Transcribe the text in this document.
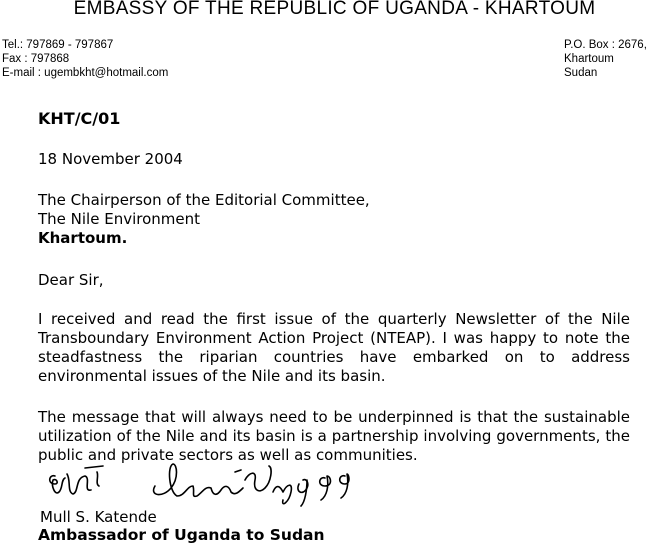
EMBASSY OF THE REPUBLIC OF UGANDA - KHARTOUM
Tel.: 797869 - 797867
Fax : 797868
E-mail : ugembkht@hotmail.com
P.O. Box : 2676,
Khartoum
Sudan
KHT/C/01
18 November 2004
The Chairperson of the Editorial Committee,
The Nile Environment
Khartoum.
Dear Sir,
I received and read the first issue of the quarterly Newsletter of the Nile
Transboundary Environment Action Project (NTEAP). I was happy to note the
steadfastness the riparian countries have embarked on to address
environmental issues of the Nile and its basin.
The message that will always need to be underpinned is that the sustainable
utilization of the Nile and its basin is a partnership involving governments, the
public and private sectors as well as communities.
Mull S. Katende
Ambassador of Uganda to Sudan
